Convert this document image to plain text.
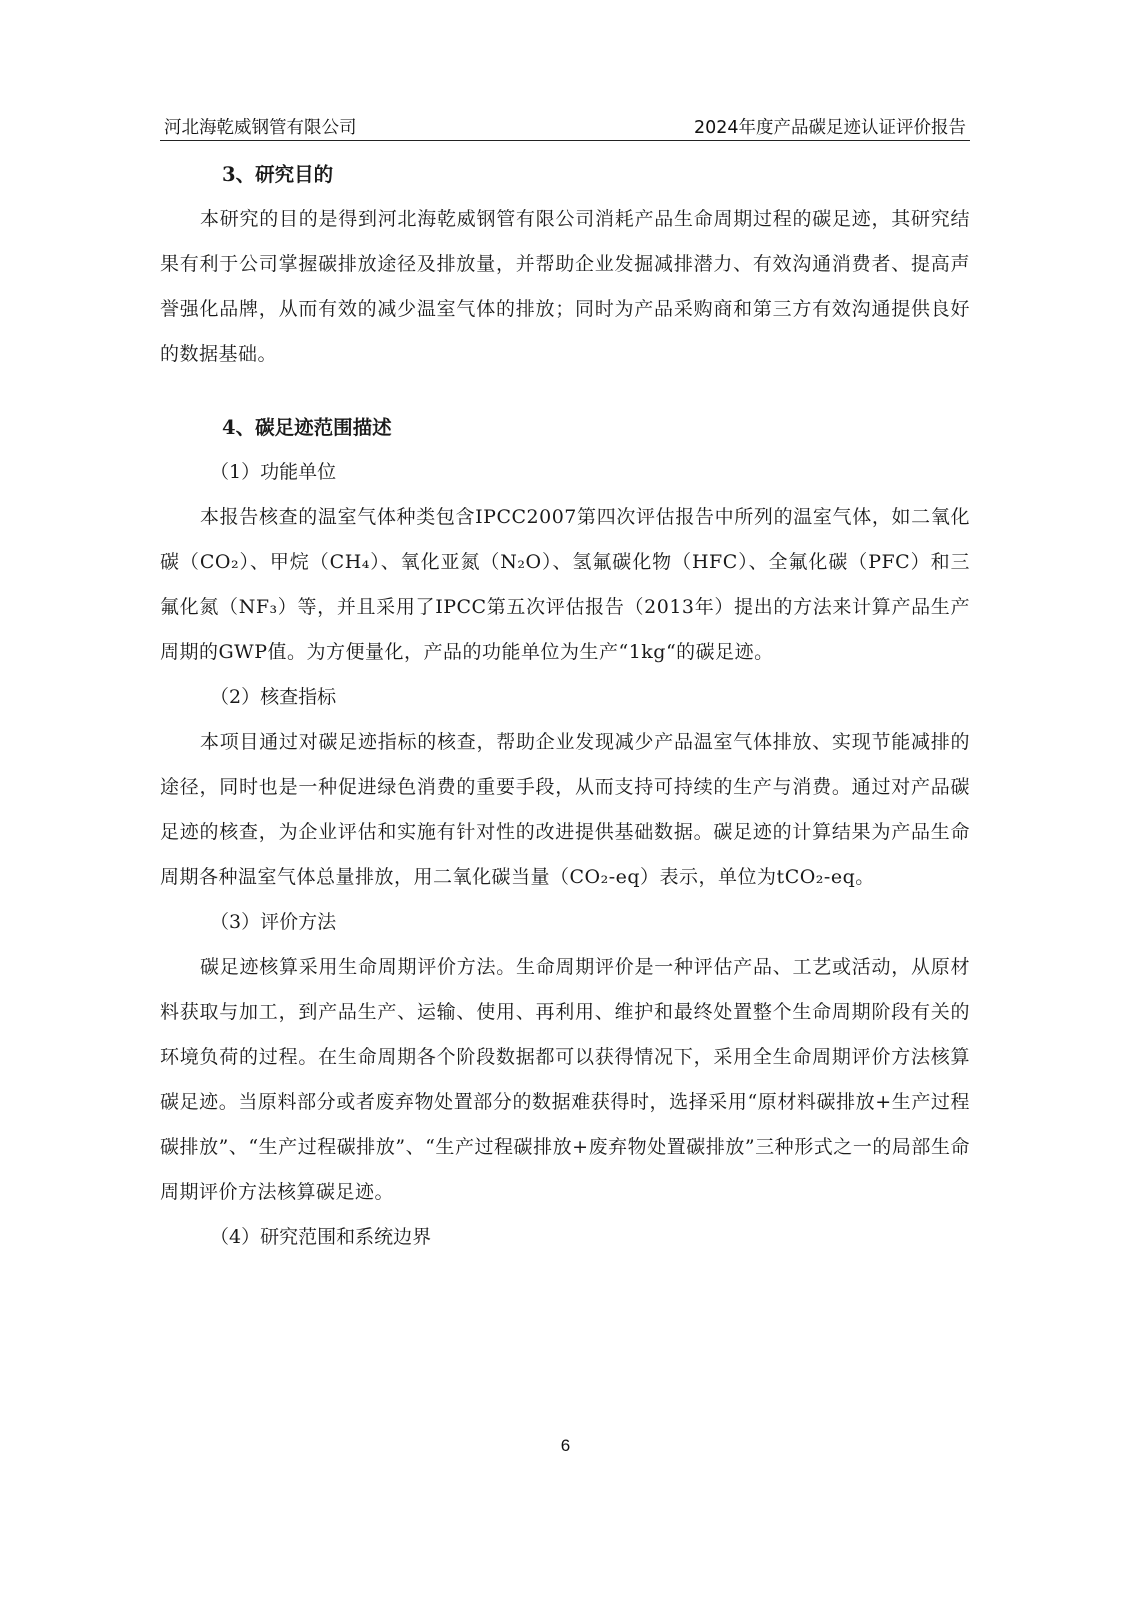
河北海乾威钢管有限公司	2024年度产品碳足迹认证评价报告

3、研究目的

本研究的目的是得到河北海乾威钢管有限公司消耗产品生命周期过程的碳足迹，其研究结果有利于公司掌握碳排放途径及排放量，并帮助企业发掘减排潜力、有效沟通消费者、提高声誉强化品牌，从而有效的减少温室气体的排放；同时为产品采购商和第三方有效沟通提供良好的数据基础。

4、碳足迹范围描述

（1）功能单位

本报告核查的温室气体种类包含IPCC2007第四次评估报告中所列的温室气体，如二氧化碳（CO₂）、甲烷（CH₄）、氧化亚氮（N₂O）、氢氟碳化物（HFC）、全氟化碳（PFC）和三氟化氮（NF₃）等，并且采用了IPCC第五次评估报告（2013年）提出的方法来计算产品生产周期的GWP值。为方便量化，产品的功能单位为生产“1kg“的碳足迹。

（2）核查指标

本项目通过对碳足迹指标的核查，帮助企业发现减少产品温室气体排放、实现节能减排的途径，同时也是一种促进绿色消费的重要手段，从而支持可持续的生产与消费。通过对产品碳足迹的核查，为企业评估和实施有针对性的改进提供基础数据。碳足迹的计算结果为产品生命周期各种温室气体总量排放，用二氧化碳当量（CO₂-eq）表示，单位为tCO₂-eq。

（3）评价方法

碳足迹核算采用生命周期评价方法。生命周期评价是一种评估产品、工艺或活动，从原材料获取与加工，到产品生产、运输、使用、再利用、维护和最终处置整个生命周期阶段有关的环境负荷的过程。在生命周期各个阶段数据都可以获得情况下，采用全生命周期评价方法核算碳足迹。当原料部分或者废弃物处置部分的数据难获得时，选择采用“原材料碳排放+生产过程碳排放”、“生产过程碳排放”、“生产过程碳排放+废弃物处置碳排放”三种形式之一的局部生命周期评价方法核算碳足迹。

（4）研究范围和系统边界

6
